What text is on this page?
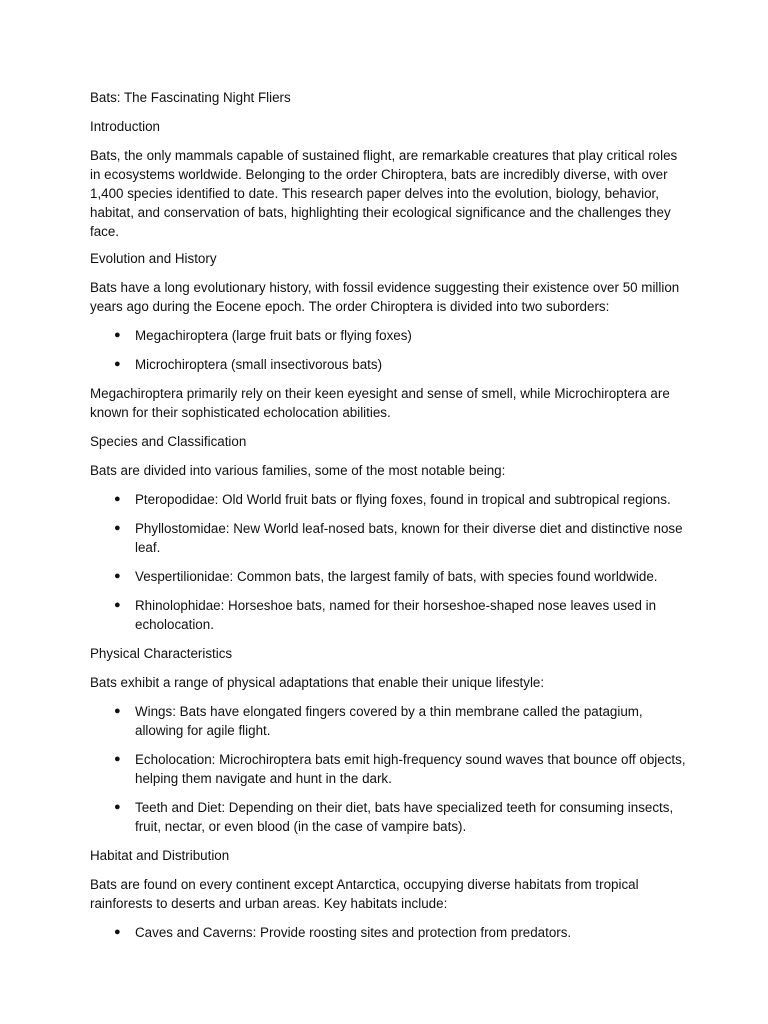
Bats: The Fascinating Night Fliers

Introduction

Bats, the only mammals capable of sustained flight, are remarkable creatures that play critical roles in ecosystems worldwide. Belonging to the order Chiroptera, bats are incredibly diverse, with over 1,400 species identified to date. This research paper delves into the evolution, biology, behavior, habitat, and conservation of bats, highlighting their ecological significance and the challenges they face.

Evolution and History

Bats have a long evolutionary history, with fossil evidence suggesting their existence over 50 million years ago during the Eocene epoch. The order Chiroptera is divided into two suborders:

● Megachiroptera (large fruit bats or flying foxes)
● Microchiroptera (small insectivorous bats)

Megachiroptera primarily rely on their keen eyesight and sense of smell, while Microchiroptera are known for their sophisticated echolocation abilities.

Species and Classification

Bats are divided into various families, some of the most notable being:

● Pteropodidae: Old World fruit bats or flying foxes, found in tropical and subtropical regions.
● Phyllostomidae: New World leaf-nosed bats, known for their diverse diet and distinctive nose leaf.
● Vespertilionidae: Common bats, the largest family of bats, with species found worldwide.
● Rhinolophidae: Horseshoe bats, named for their horseshoe-shaped nose leaves used in echolocation.

Physical Characteristics

Bats exhibit a range of physical adaptations that enable their unique lifestyle:

● Wings: Bats have elongated fingers covered by a thin membrane called the patagium, allowing for agile flight.
● Echolocation: Microchiroptera bats emit high-frequency sound waves that bounce off objects, helping them navigate and hunt in the dark.
● Teeth and Diet: Depending on their diet, bats have specialized teeth for consuming insects, fruit, nectar, or even blood (in the case of vampire bats).

Habitat and Distribution

Bats are found on every continent except Antarctica, occupying diverse habitats from tropical rainforests to deserts and urban areas. Key habitats include:

● Caves and Caverns: Provide roosting sites and protection from predators.
